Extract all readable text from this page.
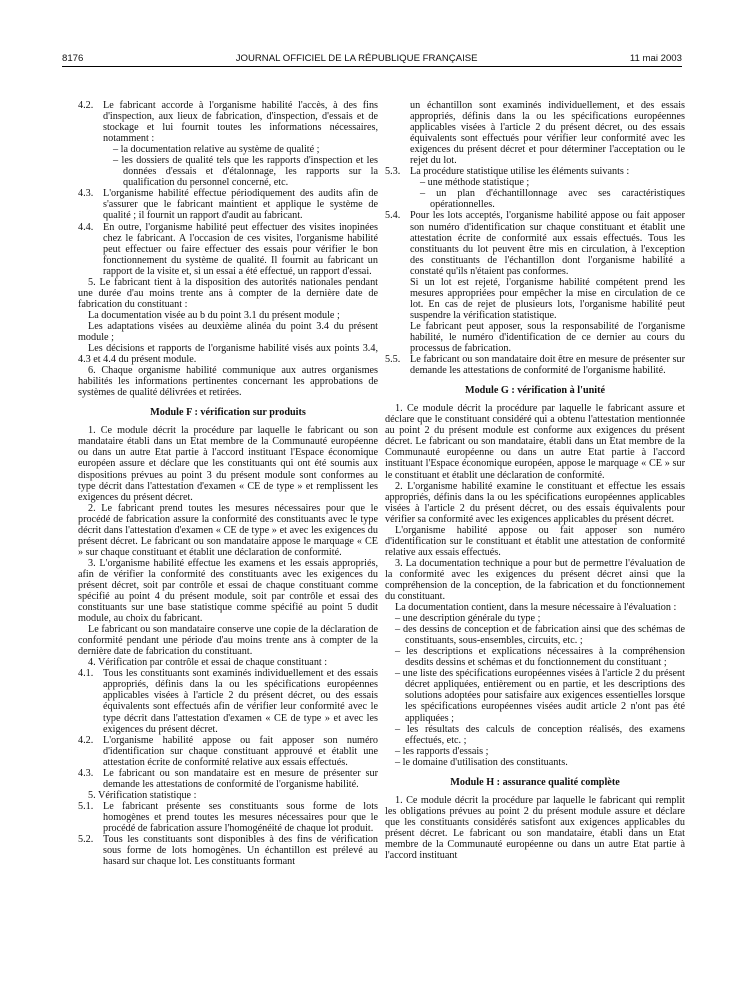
8176	JOURNAL OFFICIEL DE LA RÉPUBLIQUE FRANÇAISE	11 mai 2003

4.2. Le fabricant accorde à l'organisme habilité l'accès, à des fins d'inspection, aux lieux de fabrication, d'inspection, d'essais et de stockage et lui fournit toutes les informations nécessaires, notamment :

– la documentation relative au système de qualité ;

– les dossiers de qualité tels que les rapports d'inspection et les données d'essais et d'étalonnage, les rapports sur la qualification du personnel concerné, etc.

4.3. L'organisme habilité effectue périodiquement des audits afin de s'assurer que le fabricant maintient et applique le système de qualité ; il fournit un rapport d'audit au fabricant.

4.4. En outre, l'organisme habilité peut effectuer des visites inopinées chez le fabricant. A l'occasion de ces visites, l'organisme habilité peut effectuer ou faire effectuer des essais pour vérifier le bon fonctionnement du système de qualité. Il fournit au fabricant un rapport de la visite et, si un essai a été effectué, un rapport d'essai.

5. Le fabricant tient à la disposition des autorités nationales pendant une durée d'au moins trente ans à compter de la dernière date de fabrication du constituant :

La documentation visée au b du point 3.1 du présent module ;

Les adaptations visées au deuxième alinéa du point 3.4 du présent module ;

Les décisions et rapports de l'organisme habilité visés aux points 3.4, 4.3 et 4.4 du présent module.

6. Chaque organisme habilité communique aux autres organismes habilités les informations pertinentes concernant les approbations de systèmes de qualité délivrées et retirées.

Module F : vérification sur produits

1. Ce module décrit la procédure par laquelle le fabricant ou son mandataire établi dans un Etat membre de la Communauté européenne ou dans un autre Etat partie à l'accord instituant l'Espace économique européen assure et déclare que les constituants qui ont été soumis aux dispositions prévues au point 3 du présent module sont conformes au type décrit dans l'attestation d'examen « CE de type » et remplissent les exigences du présent décret.

2. Le fabricant prend toutes les mesures nécessaires pour que le procédé de fabrication assure la conformité des constituants avec le type décrit dans l'attestation d'examen « CE de type » et avec les exigences du présent décret. Le fabricant ou son mandataire appose le marquage « CE » sur chaque constituant et établit une déclaration de conformité.

3. L'organisme habilité effectue les examens et les essais appropriés, afin de vérifier la conformité des constituants avec les exigences du présent décret, soit par contrôle et essai de chaque constituant comme spécifié au point 4 du présent module, soit par contrôle et essai des constituants sur une base statistique comme spécifié au point 5 dudit module, au choix du fabricant.

Le fabricant ou son mandataire conserve une copie de la déclaration de conformité pendant une période d'au moins trente ans à compter de la dernière date de fabrication du constituant.

4. Vérification par contrôle et essai de chaque constituant :

4.1. Tous les constituants sont examinés individuellement et des essais appropriés, définis dans la ou les spécifications européennes applicables visées à l'article 2 du présent décret, ou des essais équivalents sont effectués afin de vérifier leur conformité avec le type décrit dans l'attestation d'examen « CE de type » et avec les exigences du présent décret.

4.2. L'organisme habilité appose ou fait apposer son numéro d'identification sur chaque constituant approuvé et établit une attestation écrite de conformité relative aux essais effectués.

4.3. Le fabricant ou son mandataire est en mesure de présenter sur demande les attestations de conformité de l'organisme habilité.

5. Vérification statistique :

5.1. Le fabricant présente ses constituants sous forme de lots homogènes et prend toutes les mesures nécessaires pour que le procédé de fabrication assure l'homogénéité de chaque lot produit.

5.2. Tous les constituants sont disponibles à des fins de vérification sous forme de lots homogènes. Un échantillon est prélevé au hasard sur chaque lot. Les constituants formant

un échantillon sont examinés individuellement, et des essais appropriés, définis dans la ou les spécifications européennes applicables visées à l'article 2 du présent décret, ou des essais équivalents sont effectués pour vérifier leur conformité avec les exigences du présent décret et pour déterminer l'acceptation ou le rejet du lot.

5.3. La procédure statistique utilise les éléments suivants :

– une méthode statistique ;

– un plan d'échantillonnage avec ses caractéristiques opérationnelles.

5.4. Pour les lots acceptés, l'organisme habilité appose ou fait apposer son numéro d'identification sur chaque constituant et établit une attestation écrite de conformité aux essais effectués. Tous les constituants du lot peuvent être mis en circulation, à l'exception des constituants de l'échantillon dont l'organisme habilité a constaté qu'ils n'étaient pas conformes.

Si un lot est rejeté, l'organisme habilité compétent prend les mesures appropriées pour empêcher la mise en circulation de ce lot. En cas de rejet de plusieurs lots, l'organisme habilité peut suspendre la vérification statistique.

Le fabricant peut apposer, sous la responsabilité de l'organisme habilité, le numéro d'identification de ce dernier au cours du processus de fabrication.

5.5. Le fabricant ou son mandataire doit être en mesure de présenter sur demande les attestations de conformité de l'organisme habilité.

Module G : vérification à l'unité

1. Ce module décrit la procédure par laquelle le fabricant assure et déclare que le constituant considéré qui a obtenu l'attestation mentionnée au point 2 du présent module est conforme aux exigences du présent décret. Le fabricant ou son mandataire, établi dans un Etat membre de la Communauté européenne ou dans un autre Etat partie à l'accord instituant l'Espace économique européen, appose le marquage « CE » sur le constituant et établit une déclaration de conformité.

2. L'organisme habilité examine le constituant et effectue les essais appropriés, définis dans la ou les spécifications européennes applicables visées à l'article 2 du présent décret, ou des essais équivalents pour vérifier sa conformité avec les exigences applicables du présent décret.

L'organisme habilité appose ou fait apposer son numéro d'identification sur le constituant et établit une attestation de conformité relative aux essais effectués.

3. La documentation technique a pour but de permettre l'évaluation de la conformité avec les exigences du présent décret ainsi que la compréhension de la conception, de la fabrication et du fonctionnement du constituant.

La documentation contient, dans la mesure nécessaire à l'évaluation :

– une description générale du type ;

– des dessins de conception et de fabrication ainsi que des schémas de constituants, sous-ensembles, circuits, etc. ;

– les descriptions et explications nécessaires à la compréhension desdits dessins et schémas et du fonctionnement du constituant ;

– une liste des spécifications européennes visées à l'article 2 du présent décret appliquées, entièrement ou en partie, et les descriptions des solutions adoptées pour satisfaire aux exigences essentielles lorsque les spécifications européennes visées audit article 2 n'ont pas été appliquées ;

– les résultats des calculs de conception réalisés, des examens effectués, etc. ;

– les rapports d'essais ;

– le domaine d'utilisation des constituants.

Module H : assurance qualité complète

1. Ce module décrit la procédure par laquelle le fabricant qui remplit les obligations prévues au point 2 du présent module assure et déclare que les constituants considérés satisfont aux exigences applicables du présent décret. Le fabricant ou son mandataire, établi dans un Etat membre de la Communauté européenne ou dans un autre Etat partie à l'accord instituant
